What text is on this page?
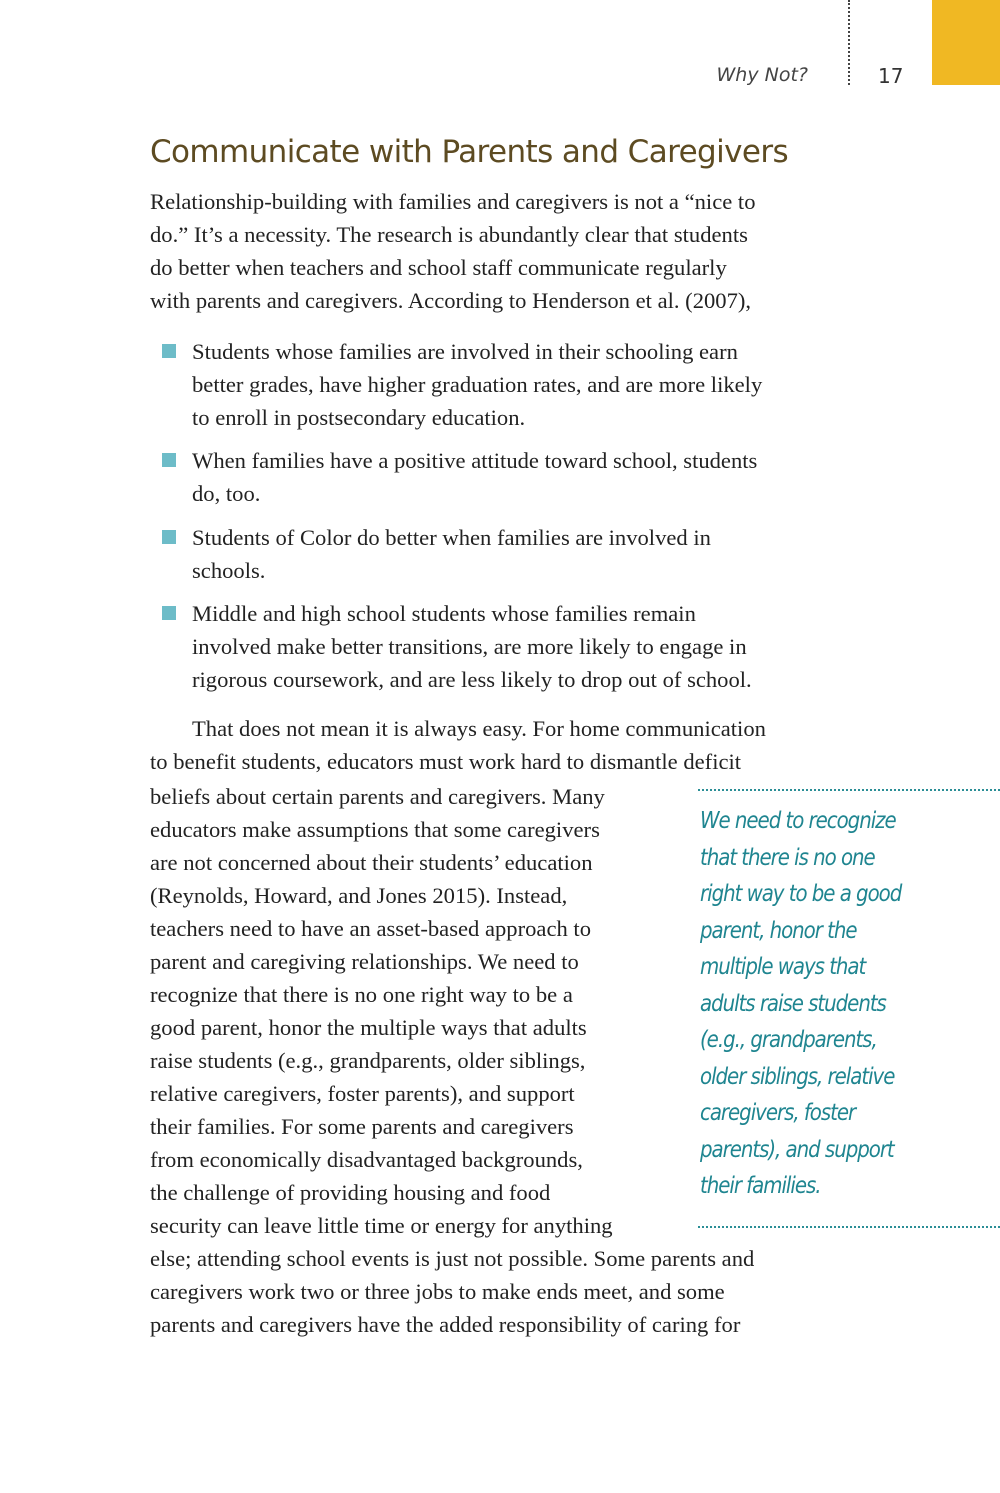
Why Not?	17
Communicate with Parents and Caregivers
Relationship-building with families and caregivers is not a “nice to
do.” It’s a necessity. The research is abundantly clear that students
do better when teachers and school staff communicate regularly
with parents and caregivers. According to Henderson et al. (2007),
Students whose families are involved in their schooling earn
better grades, have higher graduation rates, and are more likely
to enroll in postsecondary education.
When families have a positive attitude toward school, students
do, too.
Students of Color do better when families are involved in
schools.
Middle and high school students whose families remain
involved make better transitions, are more likely to engage in
rigorous coursework, and are less likely to drop out of school.
That does not mean it is always easy. For home communication
to benefit students, educators must work hard to dismantle deficit
beliefs about certain parents and caregivers. Many
educators make assumptions that some caregivers
are not concerned about their students’ education
(Reynolds, Howard, and Jones 2015). Instead,
teachers need to have an asset-based approach to
parent and caregiving relationships. We need to
recognize that there is no one right way to be a
good parent, honor the multiple ways that adults
raise students (e.g., grandparents, older siblings,
relative caregivers, foster parents), and support
their families. For some parents and caregivers
from economically disadvantaged backgrounds,
the challenge of providing housing and food
security can leave little time or energy for anything
else; attending school events is just not possible. Some parents and
caregivers work two or three jobs to make ends meet, and some
parents and caregivers have the added responsibility of caring for
We need to recognize
that there is no one
right way to be a good
parent, honor the
multiple ways that
adults raise students
(e.g., grandparents,
older siblings, relative
caregivers, foster
parents), and support
their families.
